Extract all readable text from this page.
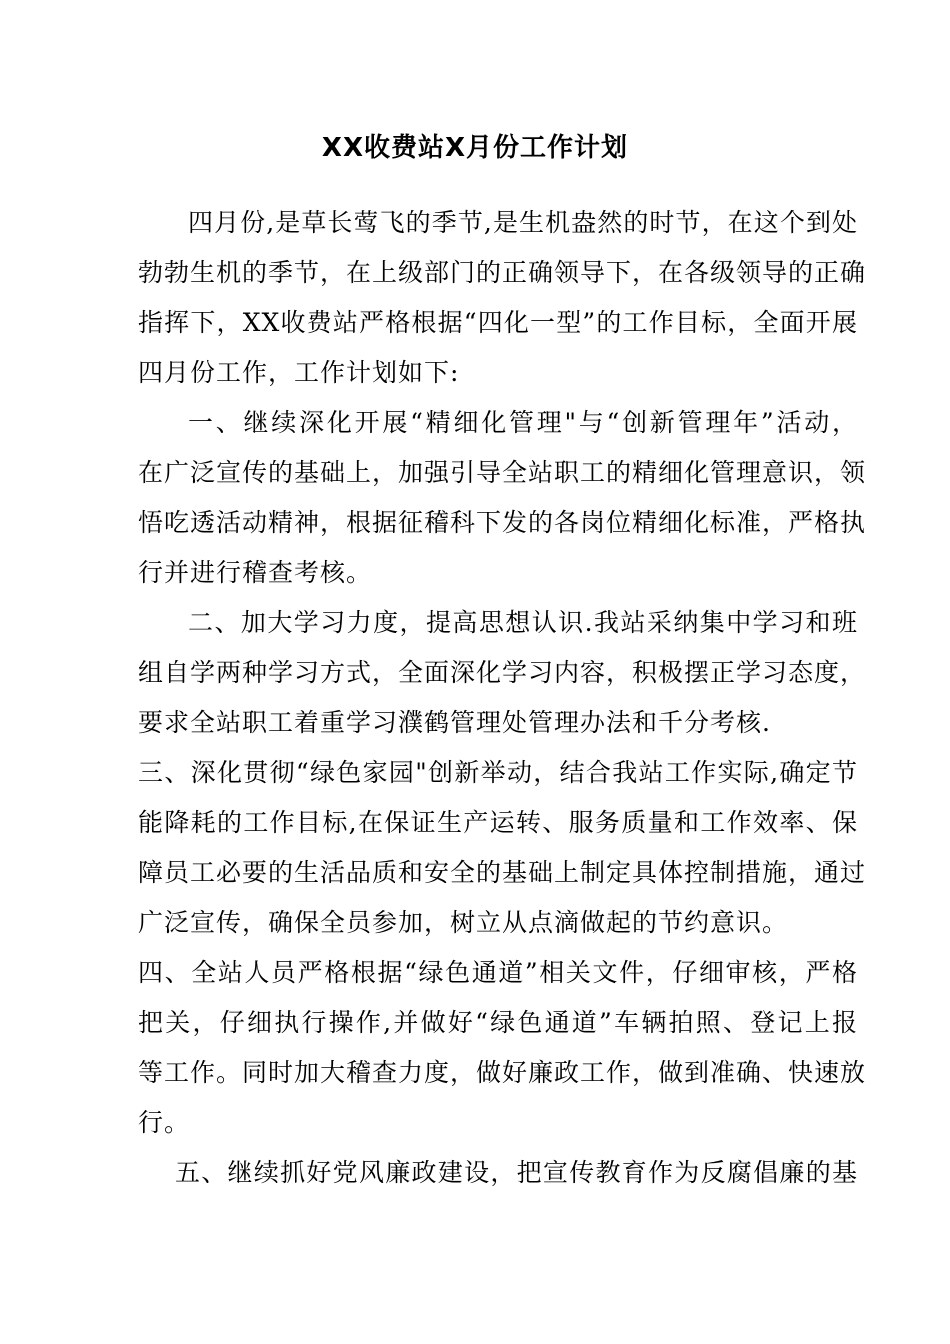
XX收费站X月份工作计划
四月份,是草长莺飞的季节,是生机盎然的时节，在这个到处
勃勃生机的季节，在上级部门的正确领导下，在各级领导的正确
指挥下，XX收费站严格根据“四化一型”的工作目标，全面开展
四月份工作，工作计划如下:
一、继续深化开展“精细化管理"与“创新管理年”活动，
在广泛宣传的基础上，加强引导全站职工的精细化管理意识，领
悟吃透活动精神，根据征稽科下发的各岗位精细化标准，严格执
行并进行稽查考核。
二、加大学习力度，提高思想认识.我站采纳集中学习和班
组自学两种学习方式，全面深化学习内容，积极摆正学习态度，
要求全站职工着重学习濮鹤管理处管理办法和千分考核.
三、深化贯彻“绿色家园"创新举动，结合我站工作实际,确定节
能降耗的工作目标,在保证生产运转、服务质量和工作效率、保
障员工必要的生活品质和安全的基础上制定具体控制措施，通过
广泛宣传，确保全员参加，树立从点滴做起的节约意识。
四、全站人员严格根据“绿色通道”相关文件，仔细审核，严格
把关，仔细执行操作,并做好“绿色通道”车辆拍照、登记上报
等工作。同时加大稽查力度，做好廉政工作，做到准确、快速放
行。
五、继续抓好党风廉政建设，把宣传教育作为反腐倡廉的基
